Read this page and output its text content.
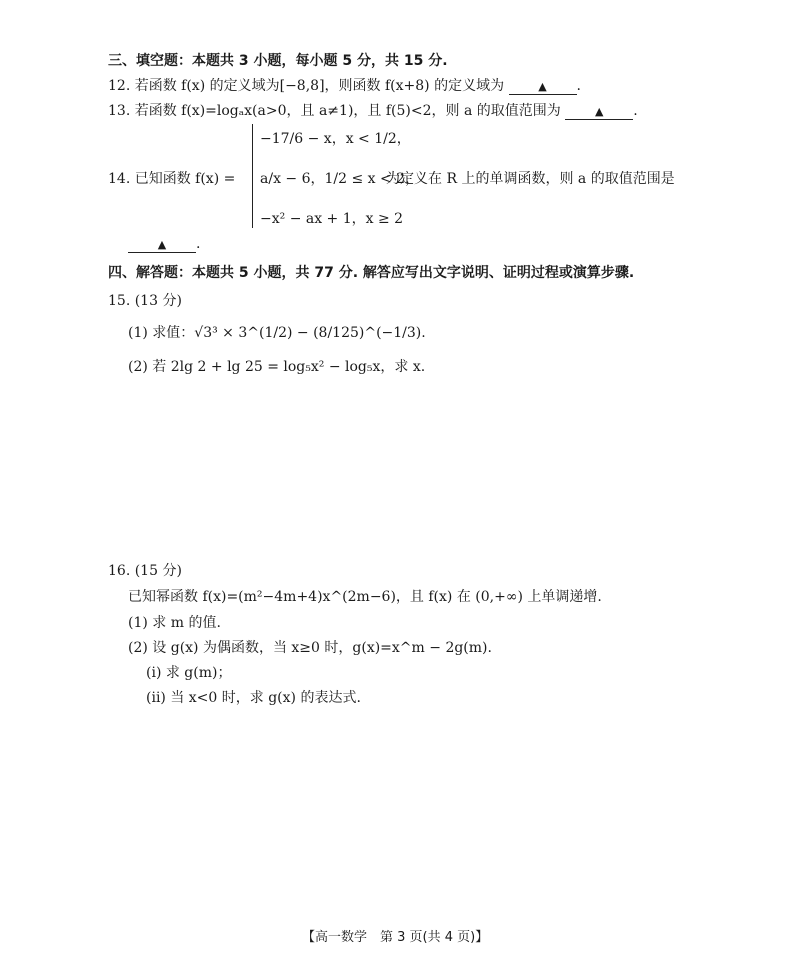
三、填空题：本题共 3 小题，每小题 5 分，共 15 分.
12. 若函数 f(x) 的定义域为[−8,8]，则函数 f(x+8) 的定义域为	▲ .
13. 若函数 f(x)=logₐx(a>0，且 a≠1)，且 f(5)<2，则 a 的取值范围为	▲ .
14. 已知函数 f(x) =
−17/6 − x，x < 1/2，
a/x − 6，1/2 ≤ x < 2，
−x² − ax + 1，x ≥ 2
为定义在 R 上的单调函数，则 a 的取值范围是
▲ .
四、解答题：本题共 5 小题，共 77 分. 解答应写出文字说明、证明过程或演算步骤.
15. (13 分)
(1) 求值：√3³ × 3^(1/2) − (8/125)^(−1/3).
(2) 若 2lg 2 + lg 25 = log₅x² − log₅x，求 x.
16. (15 分)
已知幂函数 f(x)=(m²−4m+4)x^(2m−6)，且 f(x) 在 (0,+∞) 上单调递增.
(1) 求 m 的值.
(2) 设 g(x) 为偶函数，当 x≥0 时，g(x)=x^m − 2g(m).
(ⅰ) 求 g(m)；
(ⅱ) 当 x<0 时，求 g(x) 的表达式.
【高一数学　第 3 页(共 4 页)】
